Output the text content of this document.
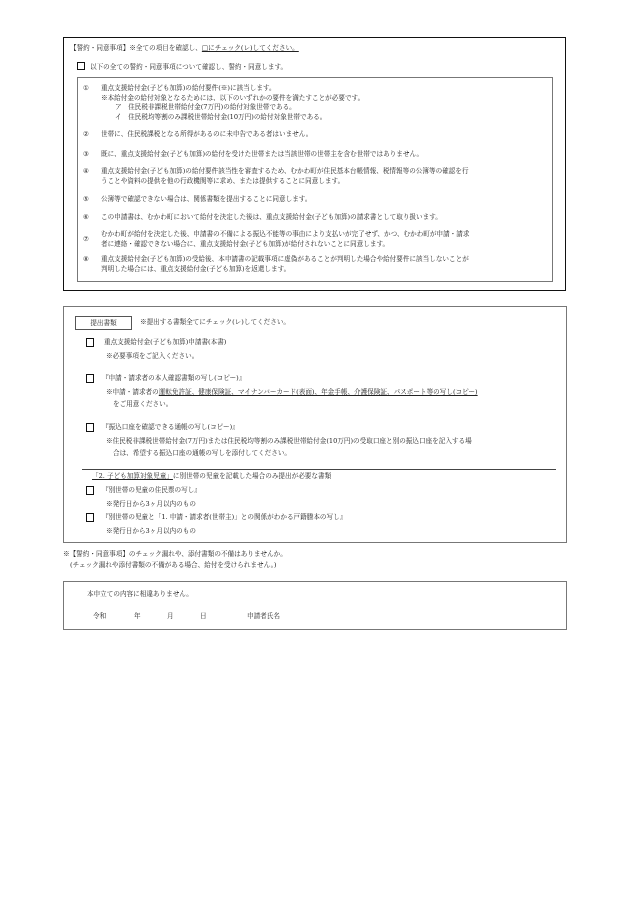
【誓約・同意事項】※全ての項目を確認し、□にチェック(レ)してください。
以下の全ての誓約・同意事項について確認し、誓約・同意します。
① 重点支援給付金(子ども加算)の給付要件(※)に該当します。
※本給付金の給付対象となるためには、以下のいずれかの要件を満たすことが必要です。
ア　住民税非課税世帯給付金(7万円)の給付対象世帯である。
イ　住民税均等割のみ課税世帯給付金(10万円)の給付対象世帯である。
② 世帯に、住民税課税となる所得があるのに未申告である者はいません。
③ 既に、重点支援給付金(子ども加算)の給付を受けた世帯または当該世帯の世帯主を含む世帯ではありません。
④ 重点支援給付金(子ども加算)の給付要件該当性を審査するため、むかわ町が住民基本台帳情報、税情報等の公簿等の確認を行
うことや資料の提供を他の行政機関等に求め、または提供することに同意します。
⑤ 公簿等で確認できない場合は、関係書類を提出することに同意します。
⑥ この申請書は、むかわ町において給付を決定した後は、重点支援給付金(子ども加算)の請求書として取り扱います。
⑦
むかわ町が給付を決定した後、申請書の不備による振込不能等の事由により支払いが完了せず、かつ、むかわ町が申請・請求
者に連絡・確認できない場合に、重点支援給付金(子ども加算)が給付されないことに同意します。
⑧ 重点支援給付金(子ども加算)の受給後、本申請書の記載事項に虚偽があることが判明した場合や給付要件に該当しないことが
判明した場合には、重点支援給付金(子ども加算)を返還します。
提出書類	※提出する書類全てにチェック(レ)してください。
重点支援給付金(子ども加算)申請書(本書)
※必要事項をご記入ください。
『申請・請求者の本人確認書類の写し(コピー)』
※申請・請求者の運転免許証、健康保険証、マイナンバーカード(表面)、年金手帳、介護保険証、パスポート等の写し(コピー)
をご用意ください。
『振込口座を確認できる通帳の写し(コピー)』
※住民税非課税世帯給付金(7万円)または住民税均等割のみ課税世帯給付金(10万円)の受取口座と別の振込口座を記入する場
合は、希望する振込口座の通帳の写しを添付してください。
「2. 子ども加算対象児童」に別世帯の児童を記載した場合のみ提出が必要な書類
『別世帯の児童の住民票の写し』
※発行日から3ヶ月以内のもの
『別世帯の児童と「1. 申請・請求者(世帯主)」との関係がわかる戸籍謄本の写し』
※発行日から3ヶ月以内のもの
※【誓約・同意事項】のチェック漏れや、添付書類の不備はありませんか。
(チェック漏れや添付書類の不備がある場合、給付を受けられません。)
本申立ての内容に相違ありません。
令和	年	月	日	申請者氏名
